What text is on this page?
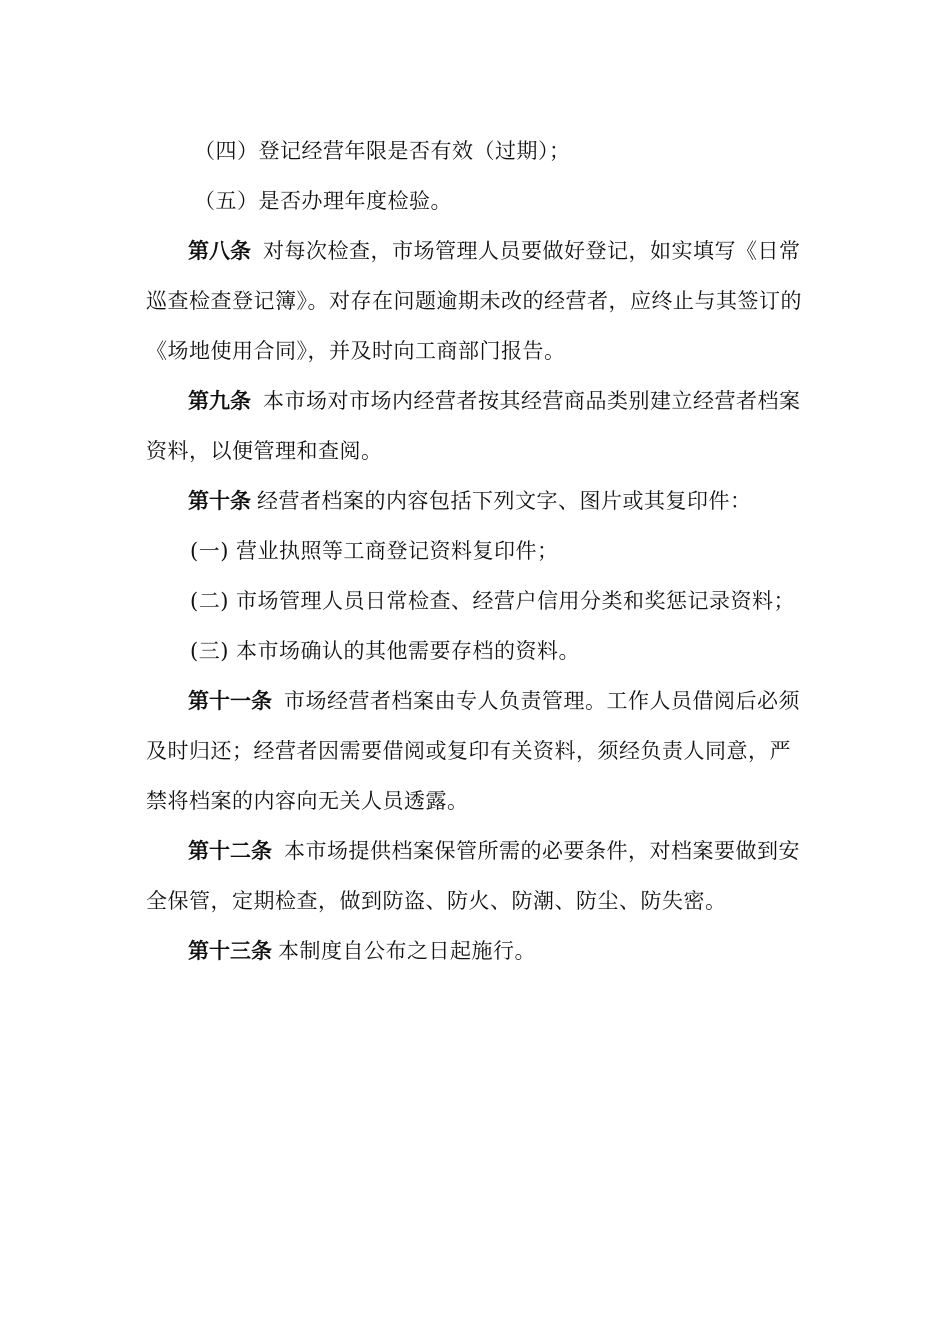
（四）登记经营年限是否有效（过期）；

（五）是否办理年度检验。

第八条 对每次检查，市场管理人员要做好登记，如实填写《日常巡查检查登记簿》。对存在问题逾期未改的经营者，应终止与其签订的《场地使用合同》，并及时向工商部门报告。

第九条 本市场对市场内经营者按其经营商品类别建立经营者档案资料，以便管理和查阅。

第十条 经营者档案的内容包括下列文字、图片或其复印件：

(一) 营业执照等工商登记资料复印件；

(二) 市场管理人员日常检查、经营户信用分类和奖惩记录资料；

(三) 本市场确认的其他需要存档的资料。

第十一条 市场经营者档案由专人负责管理。工作人员借阅后必须及时归还；经营者因需要借阅或复印有关资料，须经负责人同意，严禁将档案的内容向无关人员透露。

第十二条 本市场提供档案保管所需的必要条件，对档案要做到安全保管，定期检查，做到防盗、防火、防潮、防尘、防失密。

第十三条 本制度自公布之日起施行。
